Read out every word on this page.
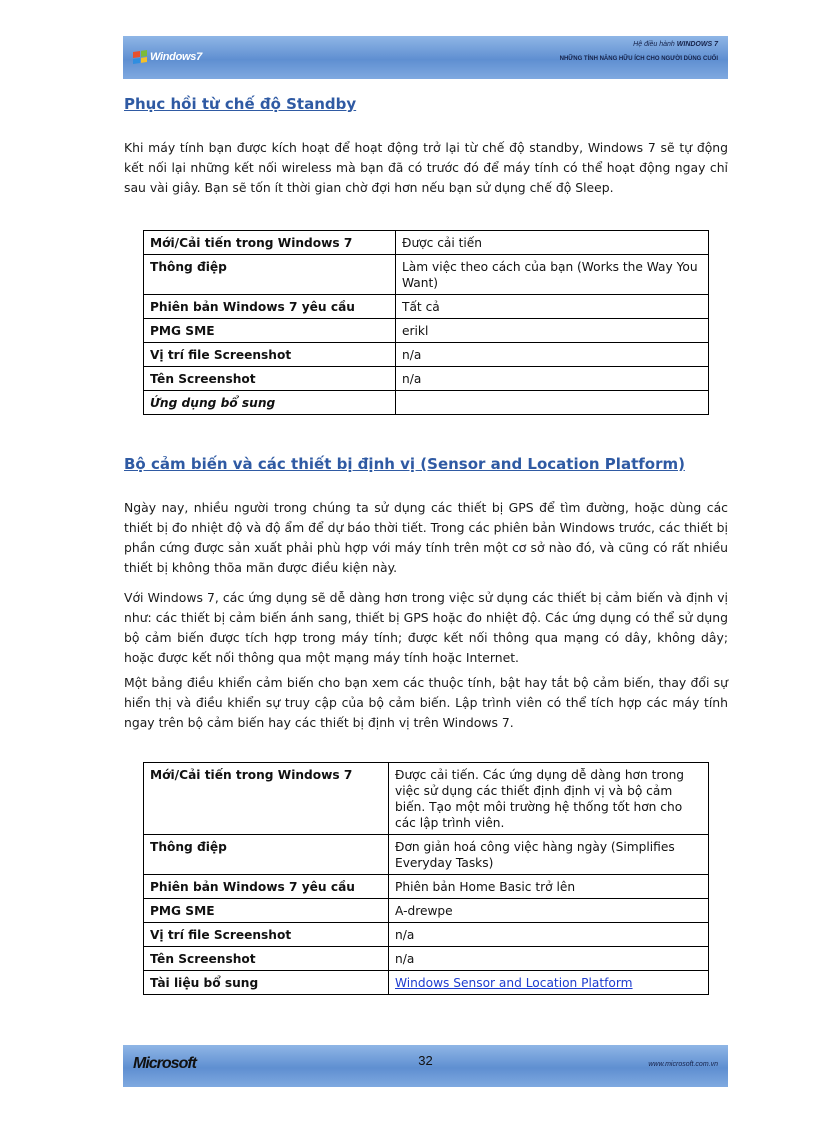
Windows7
Hệ điều hành WINDOWS 7
NHỮNG TÍNH NĂNG HỮU ÍCH CHO NGƯỜI DÙNG CUỐI
Phục hồi từ chế độ Standby

Khi máy tính bạn được kích hoạt để hoạt động trở lại từ chế độ standby, Windows 7 sẽ tự động kết nối lại những kết nối wireless mà bạn đã có trước đó để máy tính có thể hoạt động ngay chỉ sau vài giây. Bạn sẽ tốn ít thời gian chờ đợi hơn nếu bạn sử dụng chế độ Sleep.

Mới/Cải tiến trong Windows 7	Được cải tiến
Thông điệp	Làm việc theo cách của bạn (Works the Way You Want)
Phiên bản Windows 7 yêu cầu	Tất cả
PMG SME	erikl
Vị trí file Screenshot	n/a
Tên Screenshot	n/a
Ứng dụng bổ sung	
Bộ cảm biến và các thiết bị định vị (Sensor and Location Platform)

Ngày nay, nhiều người trong chúng ta sử dụng các thiết bị GPS để tìm đường, hoặc dùng các thiết bị đo nhiệt độ và độ ẩm để dự báo thời tiết. Trong các phiên bản Windows trước, các thiết bị phần cứng được sản xuất phải phù hợp với máy tính trên một cơ sở nào đó, và cũng có rất nhiều thiết bị không thõa mãn được điều kiện này.

Với Windows 7, các ứng dụng sẽ dễ dàng hơn trong việc sử dụng các thiết bị cảm biến và định vị như: các thiết bị cảm biến ánh sang, thiết bị GPS hoặc đo nhiệt độ. Các ứng dụng có thể sử dụng bộ cảm biến được tích hợp trong máy tính; được kết nối thông qua mạng có dây, không dây; hoặc được kết nối thông qua một mạng máy tính hoặc Internet.

Một bảng điều khiển cảm biến cho bạn xem các thuộc tính, bật hay tắt bộ cảm biến, thay đổi sự hiển thị và điều khiển sự truy cập của bộ cảm biến. Lập trình viên có thể tích hợp các máy tính ngay trên bộ cảm biến hay các thiết bị định vị trên Windows 7.

Mới/Cải tiến trong Windows 7	Được cải tiến. Các ứng dụng dễ dàng hơn trong việc sử dụng các thiết định định vị và bộ cảm biến. Tạo một môi trường hệ thống tốt hơn cho các lập trình viên.
Thông điệp	Đơn giản hoá công việc hàng ngày (Simplifies Everyday Tasks)
Phiên bản Windows 7 yêu cầu	Phiên bản Home Basic trở lên
PMG SME	A-drewpe
Vị trí file Screenshot	n/a
Tên Screenshot	n/a
Tài liệu bổ sung	Windows Sensor and Location Platform
Microsoft	32	www.microsoft.com.vn
